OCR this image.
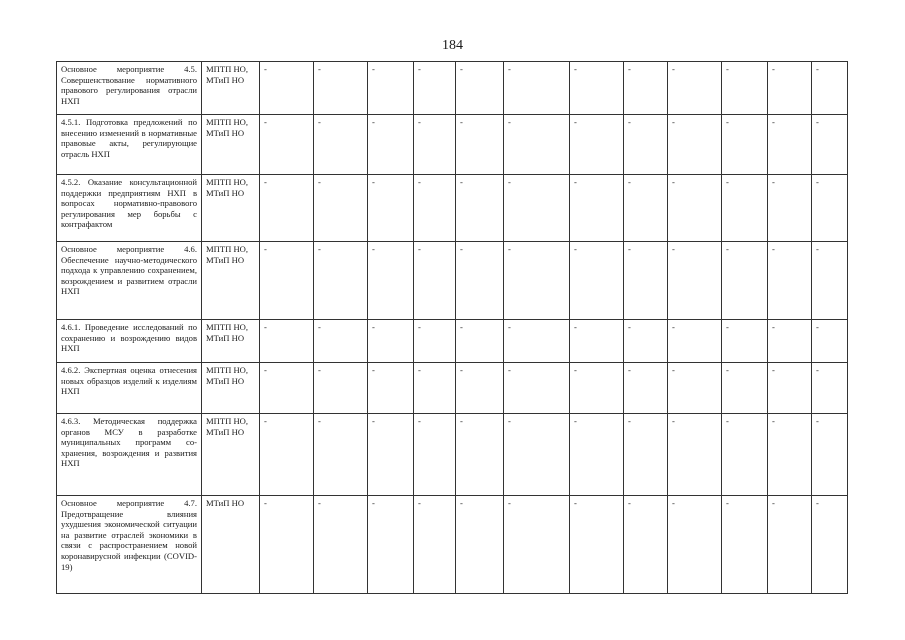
184
Основное мероприятие 4.5. Совершенствование нормативного правового регулирования отрасли НХП	МПТП НО, МТиП НО	-	-	-	-	-	-	-	-	-	-	-	-
4.5.1. Подготовка предложений по внесению изменений в нормативные правовые акты, регулирующие отрасль НХП	МПТП НО, МТиП НО	-	-	-	-	-	-	-	-	-	-	-	-
4.5.2. Оказание консультационной поддержки предприятиям НХП в вопросах нормативно-правового регулирования мер борьбы с контрафактом	МПТП НО, МТиП НО	-	-	-	-	-	-	-	-	-	-	-	-
Основное мероприятие 4.6. Обеспечение научно-методического подхода к управлению сохранением, возрождением и развитием отрасли НХП	МПТП НО, МТиП НО	-	-	-	-	-	-	-	-	-	-	-	-
4.6.1. Проведение исследований по сохранению и возрождению видов НХП	МПТП НО, МТиП НО	-	-	-	-	-	-	-	-	-	-	-	-
4.6.2. Экспертная оценка отнесения новых образцов изделий к изделиям НХП	МПТП НО, МТиП НО	-	-	-	-	-	-	-	-	-	-	-	-
4.6.3. Методическая поддержка органов МСУ в разработке муниципальных программ сохранения, возрождения и развития НХП	МПТП НО, МТиП НО	-	-	-	-	-	-	-	-	-	-	-	-
Основное мероприятие 4.7. Предотвращение влияния ухудшения экономической ситуации на развитие отраслей экономики в связи с распространением новой коронавирусной инфекции (COVID-19)	МТиП НО	-	-	-	-	-	-	-	-	-	-	-	-
